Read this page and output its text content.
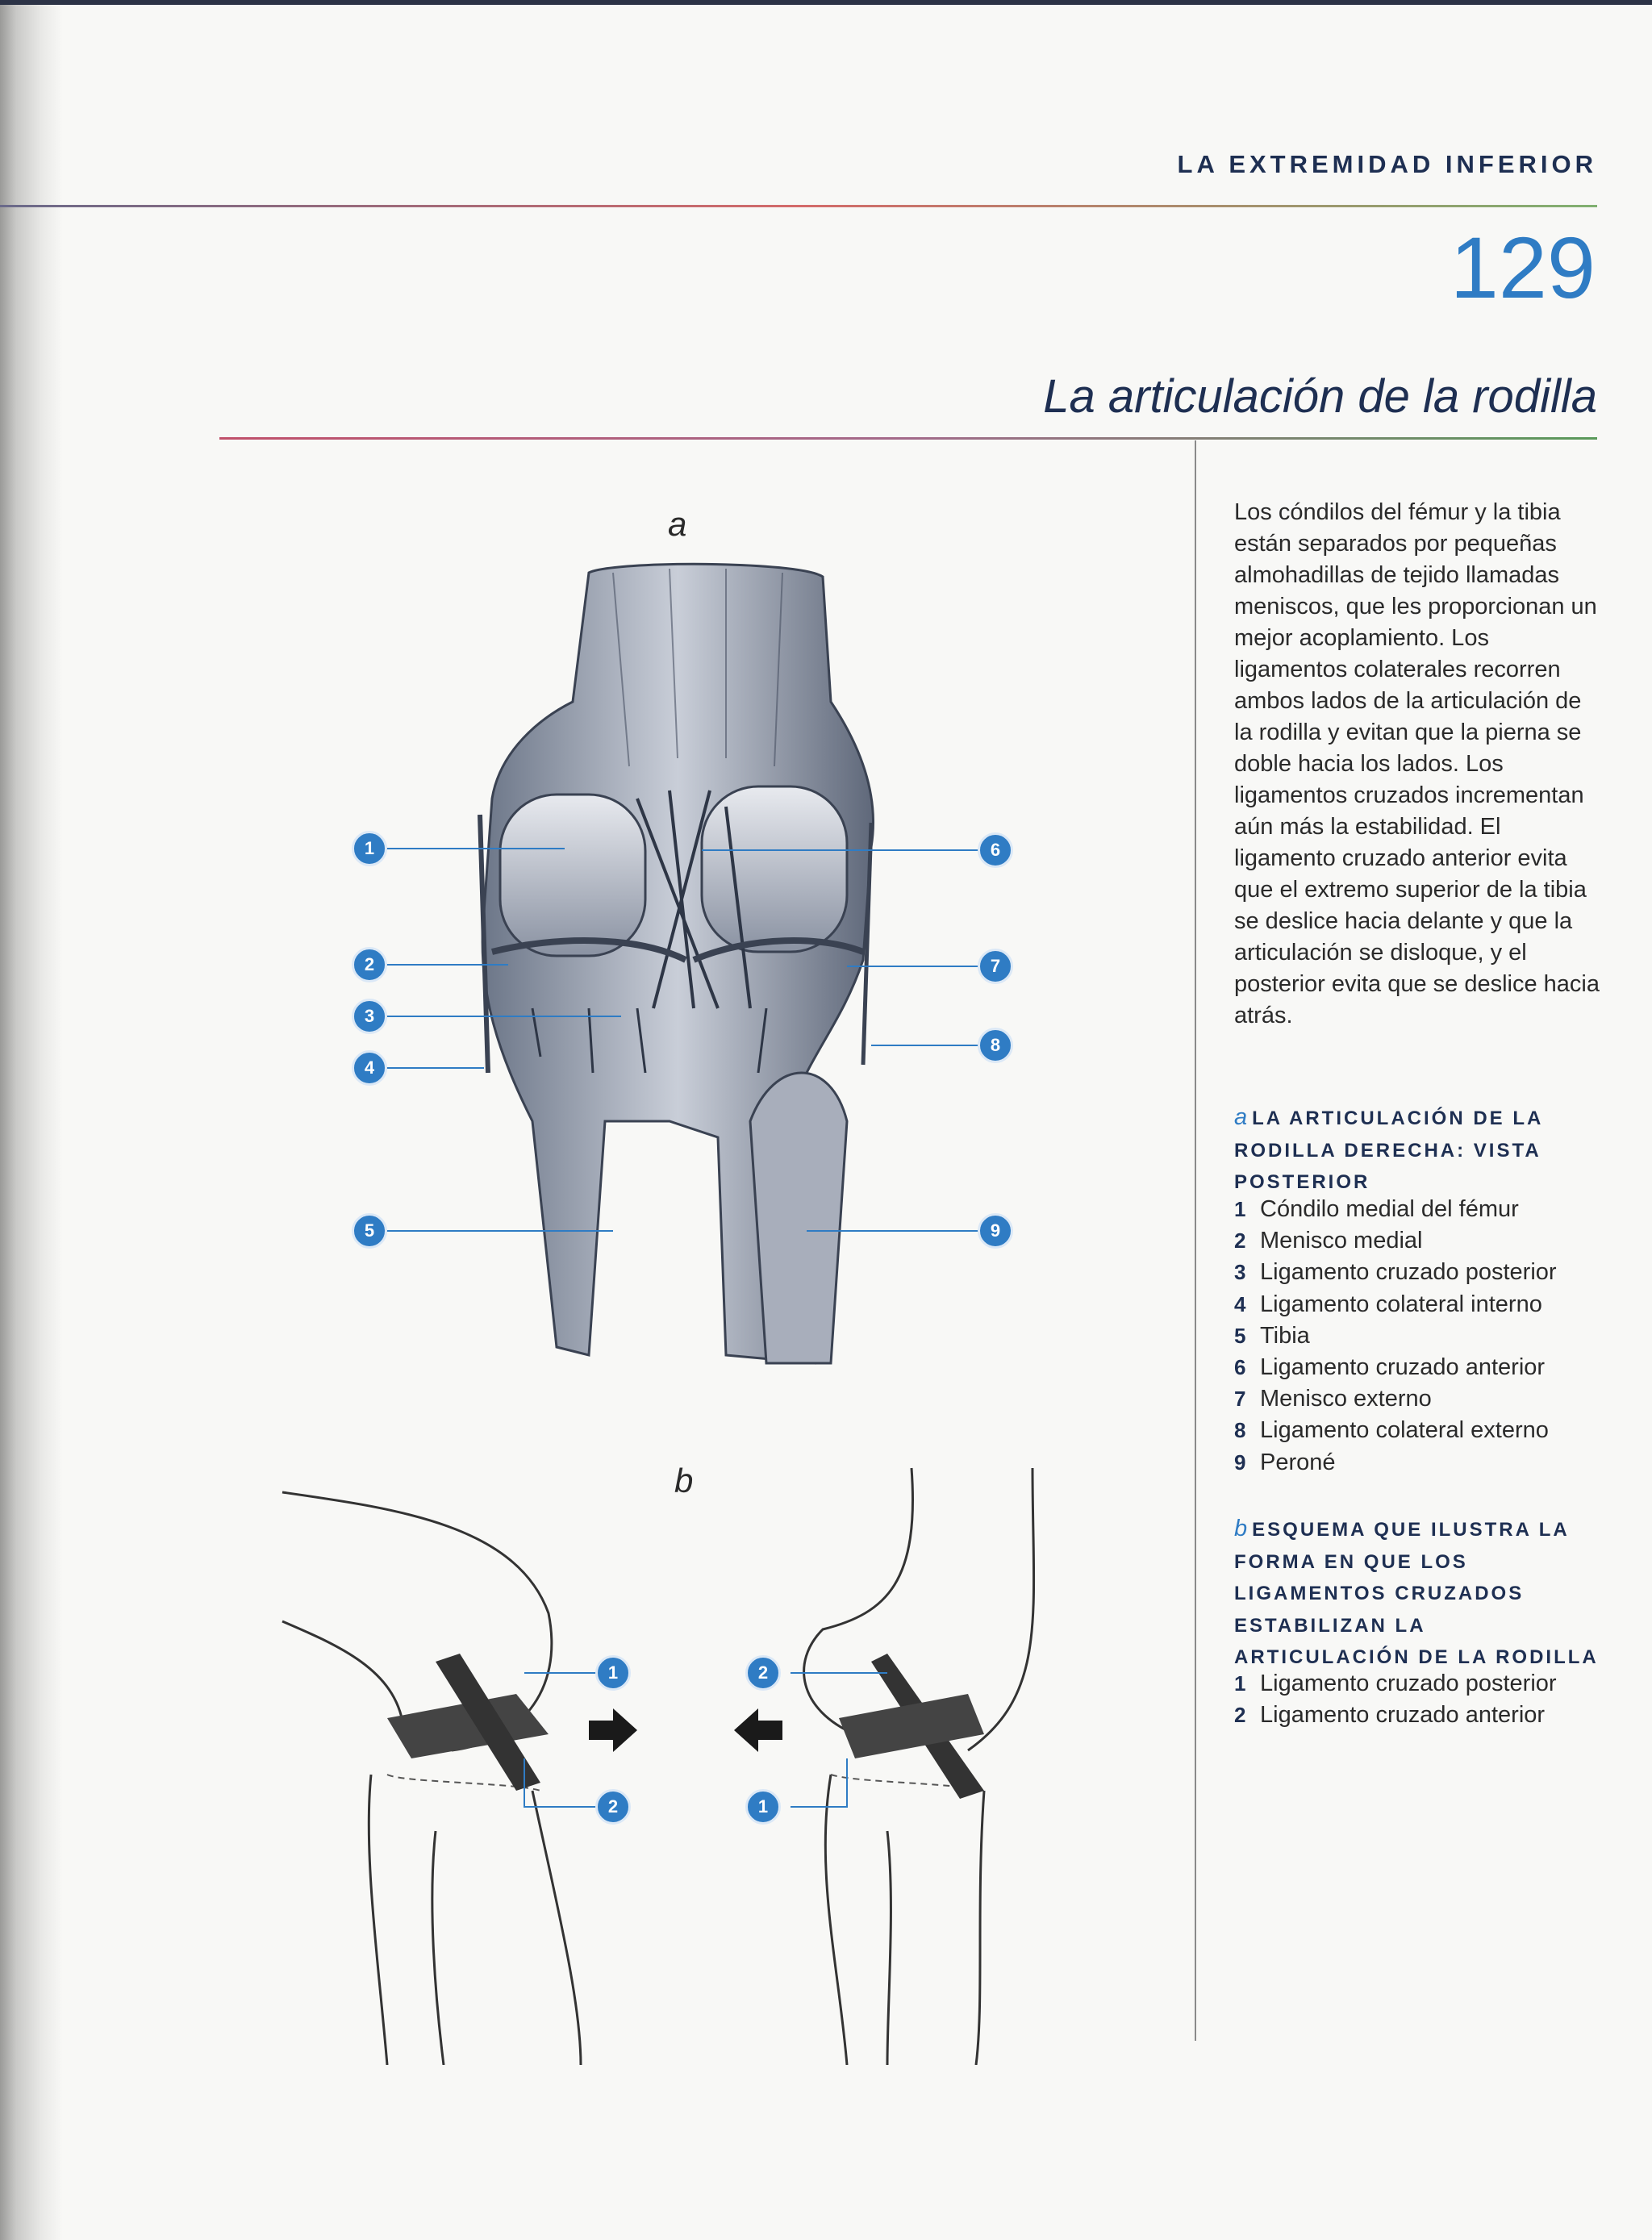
LA EXTREMIDAD INFERIOR
129
La articulación de la rodilla
a
1
2
3
4
5
6
7
8
9
b
1
2
2
1

Los cóndilos del fémur y la tibia están separados por pequeñas almohadillas de tejido llamadas meniscos, que les proporcionan un mejor acoplamiento. Los ligamentos colaterales recorren ambos lados de la articulación de la rodilla y evitan que la pierna se doble hacia los lados. Los ligamentos cruzados incrementan aún más la estabilidad. El ligamento cruzado anterior evita que el extremo superior de la tibia se deslice hacia delante y que la articulación se disloque, y el posterior evita que se deslice hacia atrás.

a LA ARTICULACIÓN DE LA RODILLA DERECHA: VISTA POSTERIOR

1 Cóndilo medial del fémur
2 Menisco medial
3 Ligamento cruzado posterior
4 Ligamento colateral interno
5 Tibia
6 Ligamento cruzado anterior
7 Menisco externo
8 Ligamento colateral externo
9 Peroné

b ESQUEMA QUE ILUSTRA LA FORMA EN QUE LOS LIGAMENTOS CRUZADOS ESTABILIZAN LA ARTICULACIÓN DE LA RODILLA

1 Ligamento cruzado posterior
2 Ligamento cruzado anterior
